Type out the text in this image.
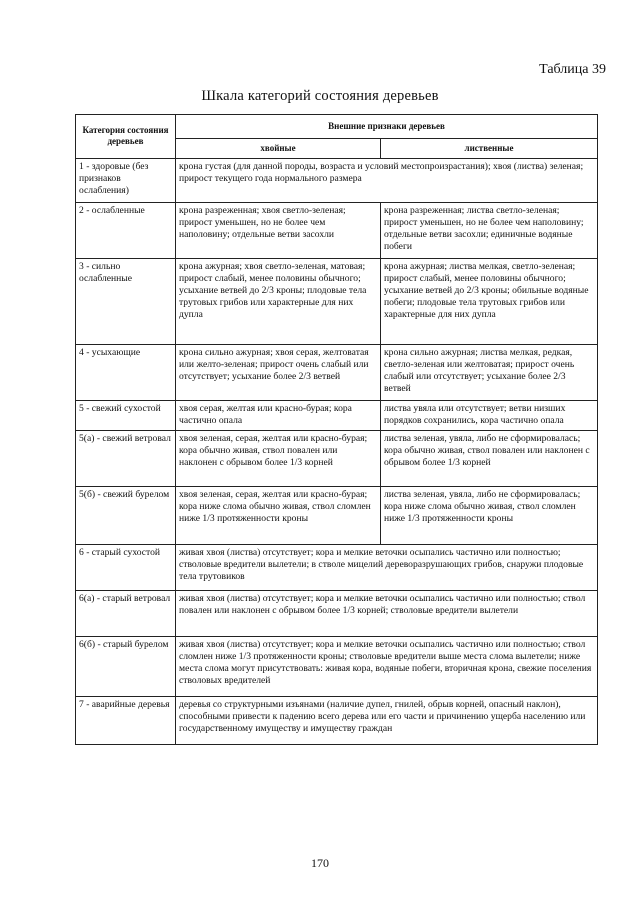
Таблица 39
Шкала категорий состояния деревьев
Категория состояния деревьев	Внешние признаки деревьев	
	хвойные	лиственные
1 - здоровые (без признаков ослабления)	крона густая (для данной породы, возраста и условий местопроизрастания); хвоя (листва) зеленая; прирост текущего года нормального размера	
2 - ослабленные	крона разреженная; хвоя светло-зеленая; прирост уменьшен, но не более чем наполовину; отдельные ветви засохли	крона разреженная; листва светло-зеленая; прирост уменьшен, но не более чем наполовину; отдельные ветви засохли; единичные водяные побеги
3 - сильно ослабленные	крона ажурная; хвоя светло-зеленая, матовая; прирост слабый, менее половины обычного; усыхание ветвей до 2/3 кроны; плодовые тела трутовых грибов или характерные для них дупла	крона ажурная; листва мелкая, светло-зеленая; прирост слабый, менее половины обычного; усыхание ветвей до 2/3 кроны; обильные водяные побеги; плодовые тела трутовых грибов или характерные для них дупла
4 - усыхающие	крона сильно ажурная; хвоя серая, желтоватая или желто-зеленая; прирост очень слабый или отсутствует; усыхание более 2/3 ветвей	крона сильно ажурная; листва мелкая, редкая, светло-зеленая или желтоватая; прирост очень слабый или отсутствует; усыхание более 2/3 ветвей
5 - свежий сухостой	хвоя серая, желтая или красно-бурая; кора частично опала	листва увяла или отсутствует; ветви низших порядков сохранились, кора частично опала
5(а) - свежий ветровал	хвоя зеленая, серая, желтая или красно-бурая; кора обычно живая, ствол повален или наклонен с обрывом более 1/3 корней	листва зеленая, увяла, либо не сформировалась; кора обычно живая, ствол повален или наклонен с обрывом более 1/3 корней
5(б) - свежий бурелом	хвоя зеленая, серая, желтая или красно-бурая; кора ниже слома обычно живая, ствол сломлен ниже 1/3 протяженности кроны	листва зеленая, увяла, либо не сформировалась; кора ниже слома обычно живая, ствол сломлен ниже 1/3 протяженности кроны
6 - старый сухостой	живая хвоя (листва) отсутствует; кора и мелкие веточки осыпались частично или полностью; стволовые вредители вылетели; в стволе мицелий дереворазрушающих грибов, снаружи плодовые тела трутовиков	
6(а) - старый ветровал	живая хвоя (листва) отсутствует; кора и мелкие веточки осыпались частично или полностью; ствол повален или наклонен с обрывом более 1/3 корней; стволовые вредители вылетели	
6(б) - старый бурелом	живая хвоя (листва) отсутствует; кора и мелкие веточки осыпались частично или полностью; ствол сломлен ниже 1/3 протяженности кроны; стволовые вредители выше места слома вылетели; ниже места слома могут присутствовать: живая кора, водяные побеги, вторичная крона, свежие поселения стволовых вредителей	
7 - аварийные деревья	деревья со структурными изъянами (наличие дупел, гнилей, обрыв корней, опасный наклон), способными привести к падению всего дерева или его части и причинению ущерба населению или государственному имуществу и имуществу граждан	
170
